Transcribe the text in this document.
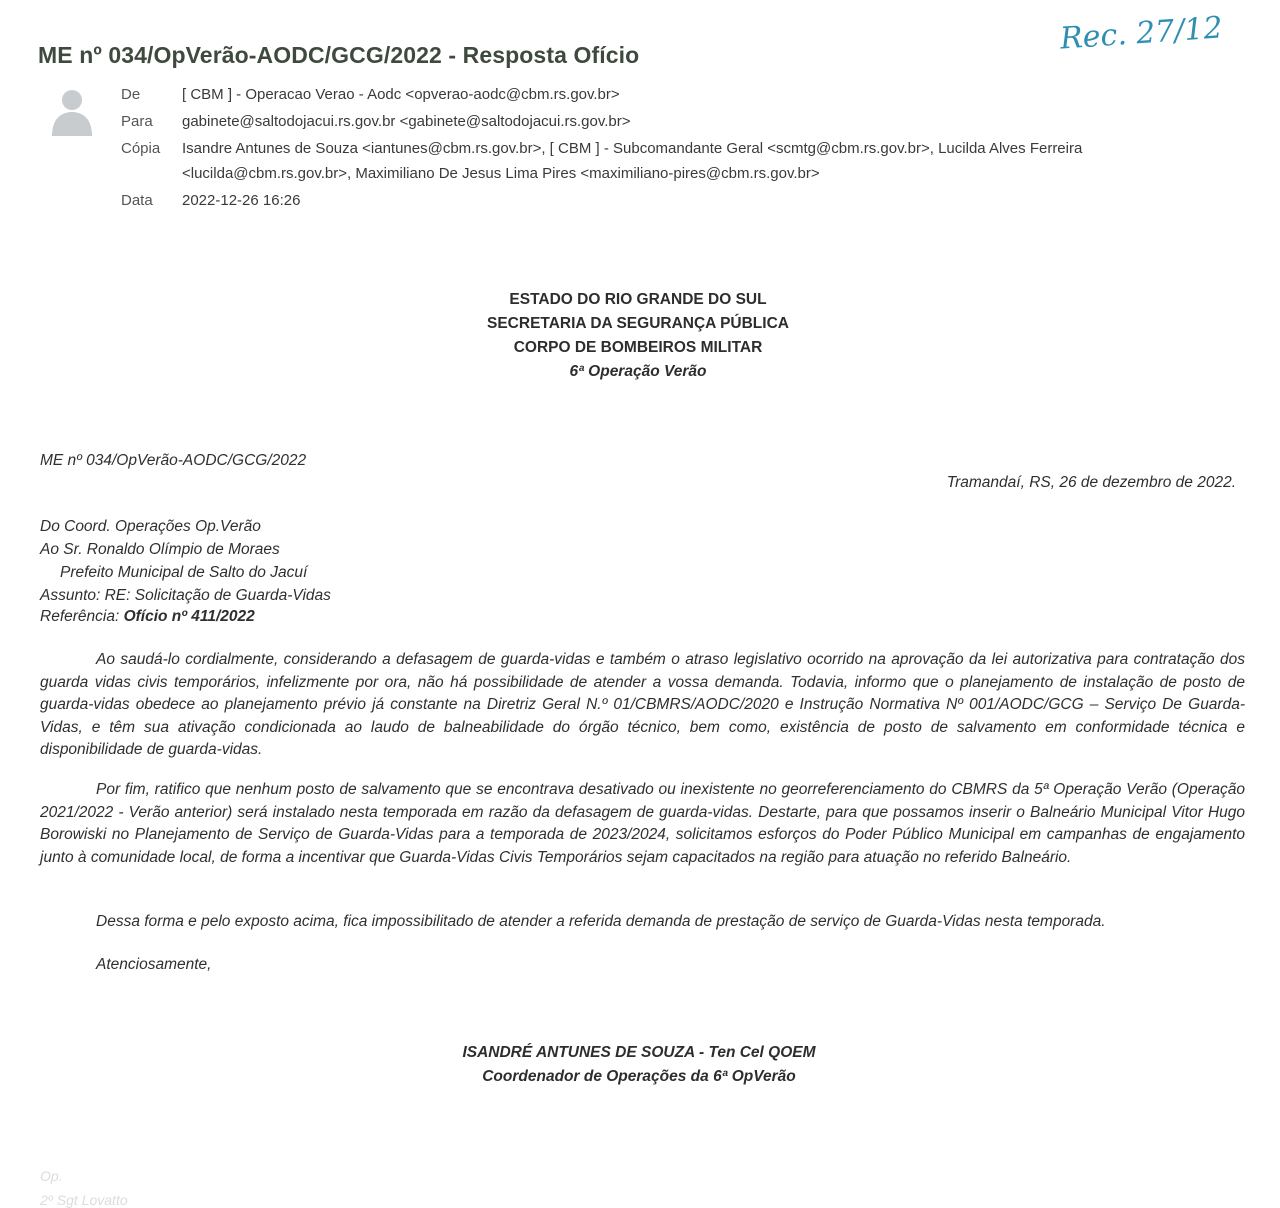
ME nº 034/OpVerão-AODC/GCG/2022 - Resposta Ofício	Rec. 27/12
De	[ CBM ] - Operacao Verao - Aodc <opverao-aodc@cbm.rs.gov.br>
Para gabinete@saltodojacui.rs.gov.br <gabinete@saltodojacui.rs.gov.br>
Cópia Isandre Antunes de Souza <iantunes@cbm.rs.gov.br>, [ CBM ] - Subcomandante Geral <scmtg@cbm.rs.gov.br>, Lucilda Alves Ferreira
<lucilda@cbm.rs.gov.br>, Maximiliano De Jesus Lima Pires <maximiliano-pires@cbm.rs.gov.br>
Data 2022-12-26 16:26
ESTADO DO RIO GRANDE DO SUL
SECRETARIA DA SEGURANÇA PÚBLICA
CORPO DE BOMBEIROS MILITAR
6ª Operação Verão
ME nº 034/OpVerão-AODC/GCG/2022
Tramandaí, RS, 26 de dezembro de 2022.
Do Coord. Operações Op.Verão
Ao Sr. Ronaldo Olímpio de Moraes
Prefeito Municipal de Salto do Jacuí
Assunto: RE: Solicitação de Guarda-Vidas
Referência: Ofício nº 411/2022
Ao saudá-lo cordialmente, considerando a defasagem de guarda-vidas e também o atraso legislativo ocorrido na aprovação da lei autorizativa para contratação dos guarda vidas civis temporários, infelizmente por ora, não há possibilidade de atender a vossa demanda. Todavia, informo que o planejamento de instalação de posto de guarda-vidas obedece ao planejamento prévio já constante na Diretriz Geral N.º 01/CBMRS/AODC/2020 e Instrução Normativa Nº 001/AODC/GCG – Serviço De Guarda-Vidas, e têm sua ativação condicionada ao laudo de balneabilidade do órgão técnico, bem como, existência de posto de salvamento em conformidade técnica e disponibilidade de guarda-vidas.
Por fim, ratifico que nenhum posto de salvamento que se encontrava desativado ou inexistente no georreferenciamento do CBMRS da 5ª Operação Verão (Operação 2021/2022 - Verão anterior) será instalado nesta temporada em razão da defasagem de guarda-vidas. Destarte, para que possamos inserir o Balneário Municipal Vitor Hugo Borowiski no Planejamento de Serviço de Guarda-Vidas para a temporada de 2023/2024, solicitamos esforços do Poder Público Municipal em campanhas de engajamento junto à comunidade local, de forma a incentivar que Guarda-Vidas Civis Temporários sejam capacitados na região para atuação no referido Balneário.
Dessa forma e pelo exposto acima, fica impossibilitado de atender a referida demanda de prestação de serviço de Guarda-Vidas nesta temporada.
Atenciosamente,
ISANDRÉ ANTUNES DE SOUZA - Ten Cel QOEM
Coordenador de Operações da 6ª OpVerão
Op.
2º Sgt Lovatto
